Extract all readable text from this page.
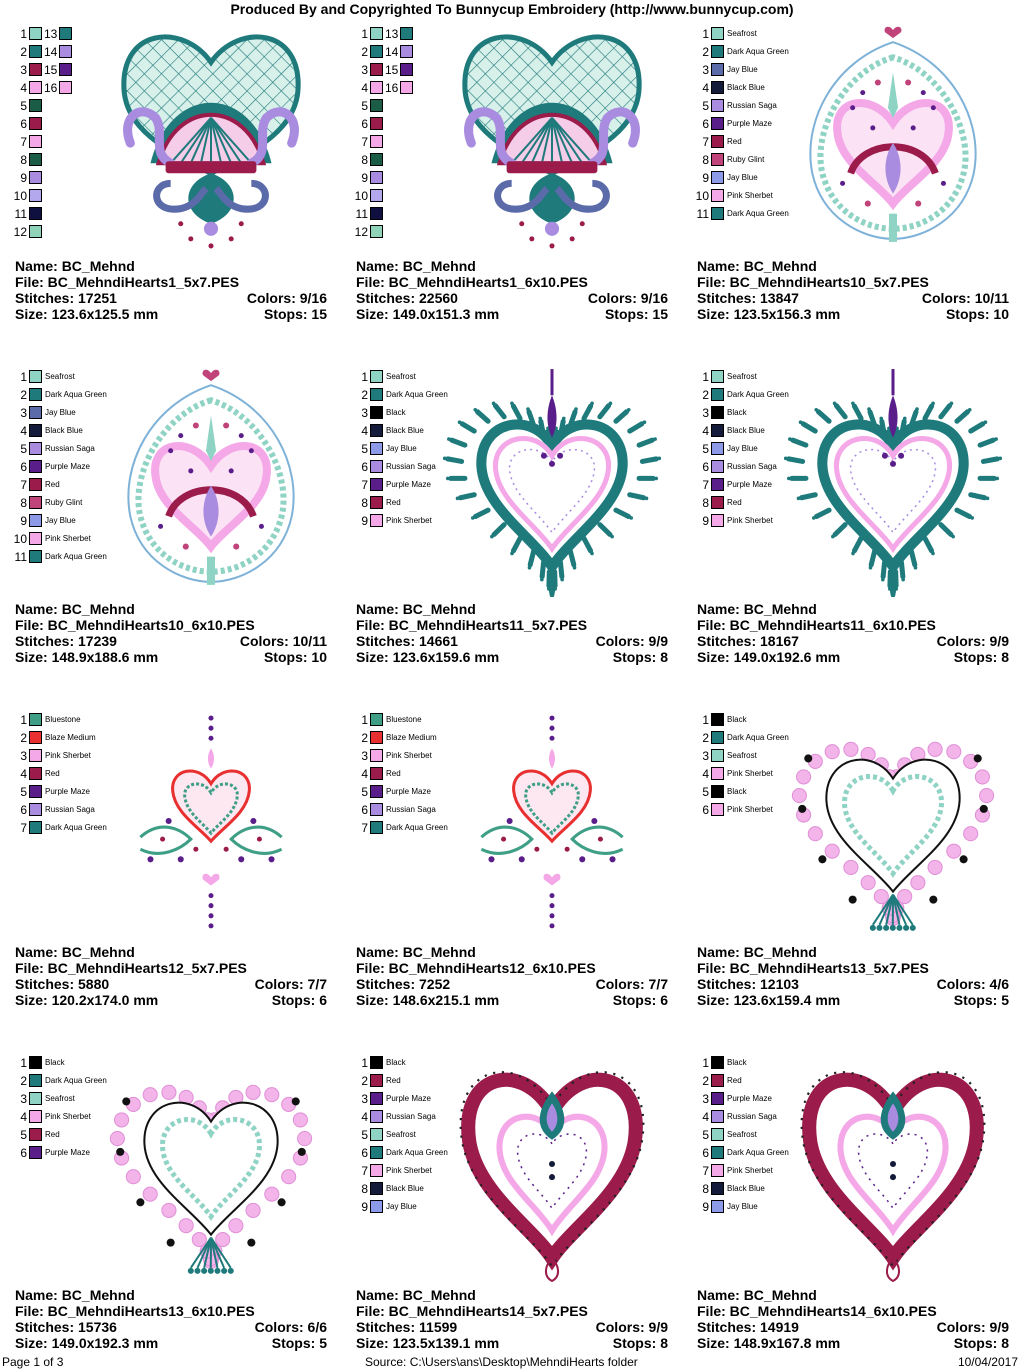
Produced By and Copyrighted To Bunnycup Embroidery (http://www.bunnycup.com)
1 13
2 14
3 15
4 16
5
6
7
8
9
10
11
12
Name: BC_Mehnd
File: BC_MehndiHearts1_5x7.PES
Stitches: 17251	Colors: 9/16
Size: 123.6x125.5 mm	Stops: 15
1 13
2 14
3 15
4 16
5
6
7
8
9
10
11
12
Name: BC_Mehnd
File: BC_MehndiHearts1_6x10.PES
Stitches: 22560	Colors: 9/16
Size: 149.0x151.3 mm	Stops: 15
1 Seafrost
2 Dark Aqua Green
3 Jay Blue
4 Black Blue
5 Russian Saga
6 Purple Maze
7 Red
8 Ruby Glint
9 Jay Blue
10 Pink Sherbet
11 Dark Aqua Green
Name: BC_Mehnd
File: BC_MehndiHearts10_5x7.PES
Stitches: 13847	Colors: 10/11
Size: 123.5x156.3 mm	Stops: 10
1 Seafrost
2 Dark Aqua Green
3 Jay Blue
4 Black Blue
5 Russian Saga
6 Purple Maze
7 Red
8 Ruby Glint
9 Jay Blue
10 Pink Sherbet
11 Dark Aqua Green
Name: BC_Mehnd
File: BC_MehndiHearts10_6x10.PES
Stitches: 17239	Colors: 10/11
Size: 148.9x188.6 mm	Stops: 10
1 Seafrost
2 Dark Aqua Green
3 Black
4 Black Blue
5 Jay Blue
6 Russian Saga
7 Purple Maze
8 Red
9 Pink Sherbet
Name: BC_Mehnd
File: BC_MehndiHearts11_5x7.PES
Stitches: 14661	Colors: 9/9
Size: 123.6x159.6 mm	Stops: 8
1 Seafrost
2 Dark Aqua Green
3 Black
4 Black Blue
5 Jay Blue
6 Russian Saga
7 Purple Maze
8 Red
9 Pink Sherbet
Name: BC_Mehnd
File: BC_MehndiHearts11_6x10.PES
Stitches: 18167	Colors: 9/9
Size: 149.0x192.6 mm	Stops: 8
1 Bluestone
2 Blaze Medium
3 Pink Sherbet
4 Red
5 Purple Maze
6 Russian Saga
7 Dark Aqua Green
Name: BC_Mehnd
File: BC_MehndiHearts12_5x7.PES
Stitches: 5880	Colors: 7/7
Size: 120.2x174.0 mm	Stops: 6
1 Bluestone
2 Blaze Medium
3 Pink Sherbet
4 Red
5 Purple Maze
6 Russian Saga
7 Dark Aqua Green
Name: BC_Mehnd
File: BC_MehndiHearts12_6x10.PES
Stitches: 7252	Colors: 7/7
Size: 148.6x215.1 mm	Stops: 6
1 Black
2 Dark Aqua Green
3 Seafrost
4 Pink Sherbet
5 Black
6 Pink Sherbet
Name: BC_Mehnd
File: BC_MehndiHearts13_5x7.PES
Stitches: 12103	Colors: 4/6
Size: 123.6x159.4 mm	Stops: 5
1 Black
2 Dark Aqua Green
3 Seafrost
4 Pink Sherbet
5 Red
6 Purple Maze
Name: BC_Mehnd
File: BC_MehndiHearts13_6x10.PES
Stitches: 15736	Colors: 6/6
Size: 149.0x192.3 mm	Stops: 5
1 Black
2 Red
3 Purple Maze
4 Russian Saga
5 Seafrost
6 Dark Aqua Green
7 Pink Sherbet
8 Black Blue
9 Jay Blue
Name: BC_Mehnd
File: BC_MehndiHearts14_5x7.PES
Stitches: 11599	Colors: 9/9
Size: 123.5x139.1 mm	Stops: 8
1 Black
2 Red
3 Purple Maze
4 Russian Saga
5 Seafrost
6 Dark Aqua Green
7 Pink Sherbet
8 Black Blue
9 Jay Blue
Name: BC_Mehnd
File: BC_MehndiHearts14_6x10.PES
Stitches: 14919	Colors: 9/9
Size: 148.9x167.8 mm	Stops: 8
Page 1 of 3	Source: C:\Users\ans\Desktop\MehndiHearts folder	10/04/2017
